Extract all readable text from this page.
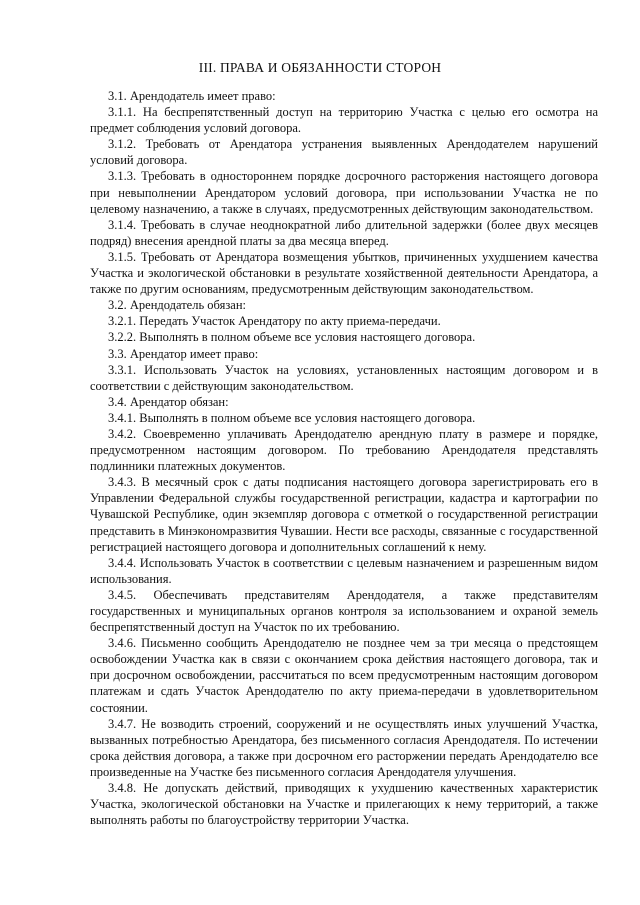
III. ПРАВА И ОБЯЗАННОСТИ СТОРОН

3.1. Арендодатель имеет право:

3.1.1. На беспрепятственный доступ на территорию Участка с целью его осмотра на предмет соблюдения условий договора.

3.1.2. Требовать от Арендатора устранения выявленных Арендодателем нарушений условий договора.

3.1.3. Требовать в одностороннем порядке досрочного расторжения настоящего договора при невыполнении Арендатором условий договора, при использовании Участка не по целевому назначению, а также в случаях, предусмотренных действующим законодательством.

3.1.4. Требовать в случае неоднократной либо длительной задержки (более двух месяцев подряд) внесения арендной платы за два месяца вперед.

3.1.5. Требовать от Арендатора возмещения убытков, причиненных ухудшением качества Участка и экологической обстановки в результате хозяйственной деятельности Арендатора, а также по другим основаниям, предусмотренным действующим законодательством.

3.2. Арендодатель обязан:

3.2.1. Передать Участок Арендатору по акту приема-передачи.

3.2.2. Выполнять в полном объеме все условия настоящего договора.

3.3. Арендатор имеет право:

3.3.1. Использовать Участок на условиях, установленных настоящим договором и в соответствии с действующим законодательством.

3.4. Арендатор обязан:

3.4.1. Выполнять в полном объеме все условия настоящего договора.

3.4.2. Своевременно уплачивать Арендодателю арендную плату в размере и порядке, предусмотренном настоящим договором. По требованию Арендодателя представлять подлинники платежных документов.

3.4.3. В месячный срок с даты подписания настоящего договора зарегистрировать его в Управлении Федеральной службы государственной регистрации, кадастра и картографии по Чувашской Республике, один экземпляр договора с отметкой о государственной регистрации представить в Минэкономразвития Чувашии. Нести все расходы, связанные с государственной регистрацией настоящего договора и дополнительных соглашений к нему.

3.4.4. Использовать Участок в соответствии с целевым назначением и разрешенным видом использования.

3.4.5. Обеспечивать представителям Арендодателя, а также представителям государственных и муниципальных органов контроля за использованием и охраной земель беспрепятственный доступ на Участок по их требованию.

3.4.6. Письменно сообщить Арендодателю не позднее чем за три месяца о предстоящем освобождении Участка как в связи с окончанием срока действия настоящего договора, так и при досрочном освобождении, рассчитаться по всем предусмотренным настоящим договором платежам и сдать Участок Арендодателю по акту приема-передачи в удовлетворительном состоянии.

3.4.7. Не возводить строений, сооружений и не осуществлять иных улучшений Участка, вызванных потребностью Арендатора, без письменного согласия Арендодателя. По истечении срока действия договора, а также при досрочном его расторжении передать Арендодателю все произведенные на Участке без письменного согласия Арендодателя улучшения.

3.4.8. Не допускать действий, приводящих к ухудшению качественных характеристик Участка, экологической обстановки на Участке и прилегающих к нему территорий, а также выполнять работы по благоустройству территории Участка.
